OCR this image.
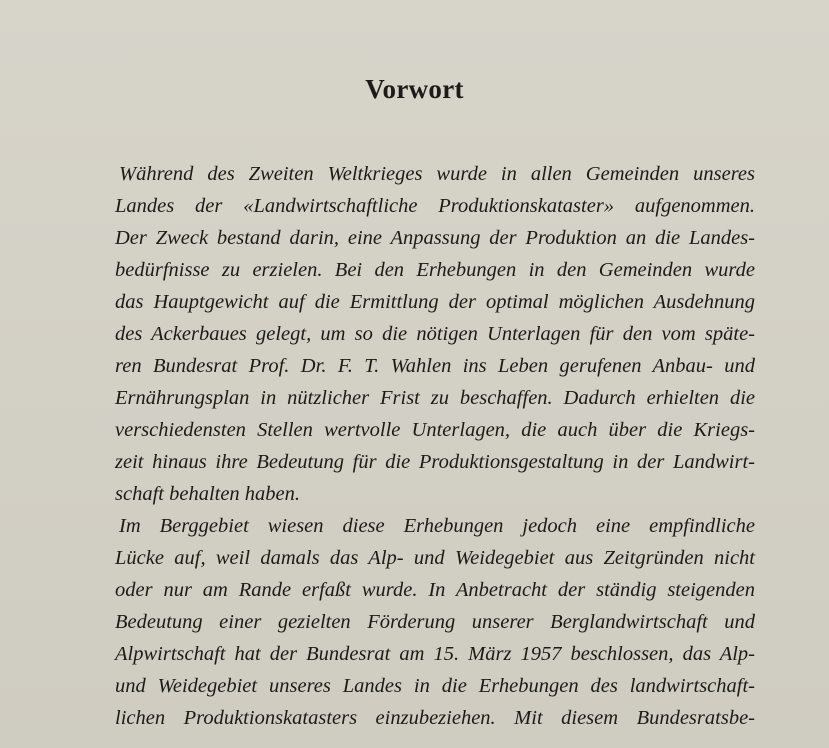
Vorwort
Während des Zweiten Weltkrieges wurde in allen Gemeinden unseres
Landes der «Landwirtschaftliche Produktionskataster» aufgenommen.
Der Zweck bestand darin, eine Anpassung der Produktion an die Landes-
bedürfnisse zu erzielen. Bei den Erhebungen in den Gemeinden wurde
das Hauptgewicht auf die Ermittlung der optimal möglichen Ausdehnung
des Ackerbaues gelegt, um so die nötigen Unterlagen für den vom späte-
ren Bundesrat Prof. Dr. F. T. Wahlen ins Leben gerufenen Anbau- und
Ernährungsplan in nützlicher Frist zu beschaffen. Dadurch erhielten die
verschiedensten Stellen wertvolle Unterlagen, die auch über die Kriegs-
zeit hinaus ihre Bedeutung für die Produktionsgestaltung in der Landwirt-
schaft behalten haben.
Im Berggebiet wiesen diese Erhebungen jedoch eine empfindliche
Lücke auf, weil damals das Alp- und Weidegebiet aus Zeitgründen nicht
oder nur am Rande erfaßt wurde. In Anbetracht der ständig steigenden
Bedeutung einer gezielten Förderung unserer Berglandwirtschaft und
Alpwirtschaft hat der Bundesrat am 15. März 1957 beschlossen, das Alp-
und Weidegebiet unseres Landes in die Erhebungen des landwirtschaft-
lichen Produktionskatasters einzubeziehen. Mit diesem Bundesratsbe-
